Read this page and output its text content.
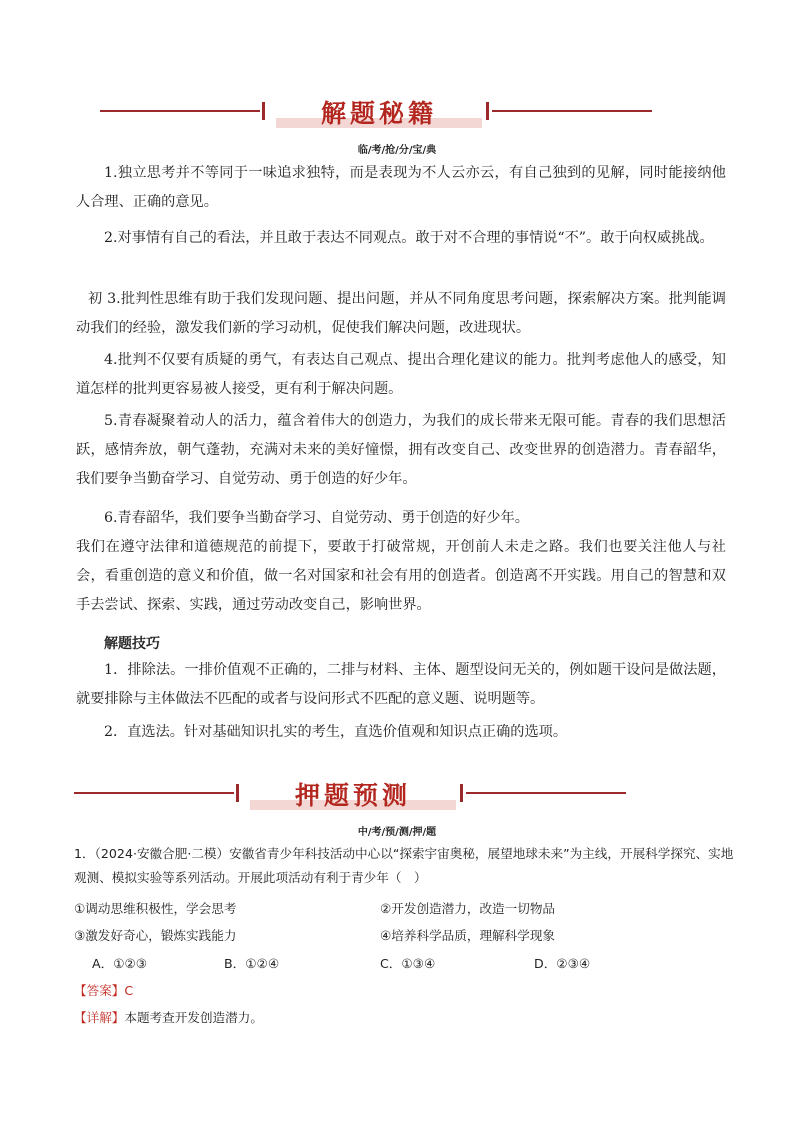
解题秘籍
临/考/抢/分/宝/典

1.独立思考并不等同于一味追求独特，而是表现为不人云亦云，有自己独到的见解，同时能接纳他人合理、正确的意见。

2.对事情有自己的看法，并且敢于表达不同观点。敢于对不合理的事情说“不”。敢于向权威挑战。

初 3.批判性思维有助于我们发现问题、提出问题，并从不同角度思考问题，探索解决方案。批判能调动我们的经验，激发我们新的学习动机，促使我们解决问题，改进现状。

4.批判不仅要有质疑的勇气，有表达自己观点、提出合理化建议的能力。批判考虑他人的感受，知道怎样的批判更容易被人接受，更有利于解决问题。

5.青春凝聚着动人的活力，蕴含着伟大的创造力，为我们的成长带来无限可能。青春的我们思想活跃，感情奔放，朝气蓬勃，充满对未来的美好憧憬，拥有改变自己、改变世界的创造潜力。青春韶华，我们要争当勤奋学习、自觉劳动、勇于创造的好少年。

6.青春韶华，我们要争当勤奋学习、自觉劳动、勇于创造的好少年。

我们在遵守法律和道德规范的前提下，要敢于打破常规，开创前人未走之路。我们也要关注他人与社会，看重创造的意义和价值，做一名对国家和社会有用的创造者。创造离不开实践。用自己的智慧和双手去尝试、探索、实践，通过劳动改变自己，影响世界。

解题技巧

1．排除法。一排价值观不正确的，二排与材料、主体、题型设问无关的，例如题干设问是做法题，就要排除与主体做法不匹配的或者与设问形式不匹配的意义题、说明题等。

2．直选法。针对基础知识扎实的考生，直选价值观和知识点正确的选项。

押题预测
中/考/预/测/押/题

1．（2024·安徽合肥·二模）安徽省青少年科技活动中心以“探索宇宙奥秘，展望地球未来”为主线，开展科学探究、实地观测、模拟实验等系列活动。开展此项活动有利于青少年（　）

①调动思维积极性，学会思考	②开发创造潜力，改造一切物品
③激发好奇心，锻炼实践能力	④培养科学品质，理解科学现象
A．①②③	B．①②④	C．①③④	D．②③④
【答案】C
【详解】本题考查开发创造潜力。
